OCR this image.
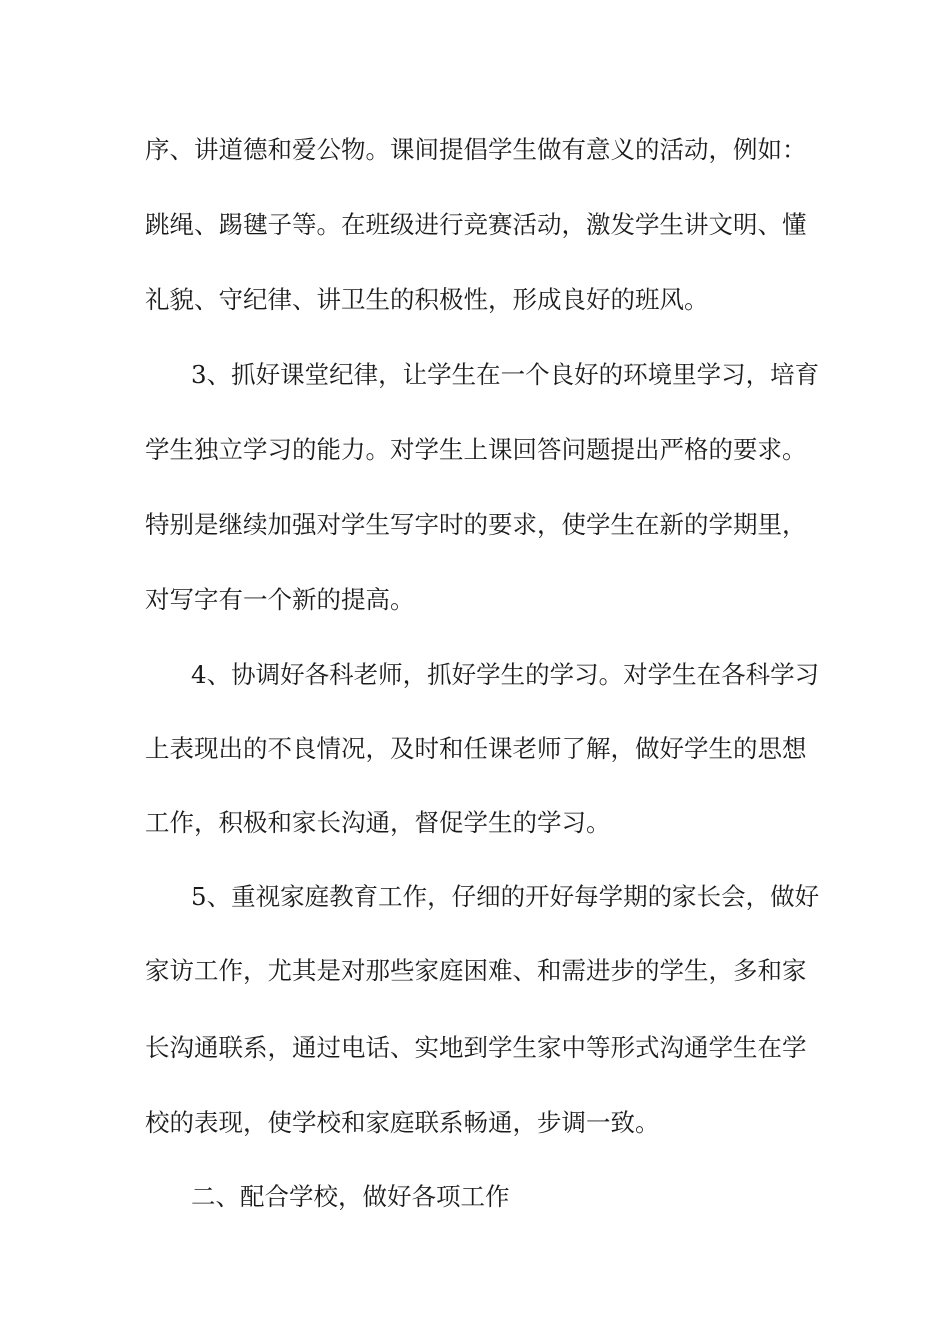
序、讲道德和爱公物。课间提倡学生做有意义的活动，例如：
跳绳、踢毽子等。在班级进行竞赛活动，激发学生讲文明、懂
礼貌、守纪律、讲卫生的积极性，形成良好的班风。
3、抓好课堂纪律，让学生在一个良好的环境里学习，培育
学生独立学习的能力。对学生上课回答问题提出严格的要求。
特别是继续加强对学生写字时的要求，使学生在新的学期里，
对写字有一个新的提高。
4、协调好各科老师，抓好学生的学习。对学生在各科学习
上表现出的不良情况，及时和任课老师了解，做好学生的思想
工作，积极和家长沟通，督促学生的学习。
5、重视家庭教育工作，仔细的开好每学期的家长会，做好
家访工作，尤其是对那些家庭困难、和需进步的学生，多和家
长沟通联系，通过电话、实地到学生家中等形式沟通学生在学
校的表现，使学校和家庭联系畅通，步调一致。
二、配合学校，做好各项工作
